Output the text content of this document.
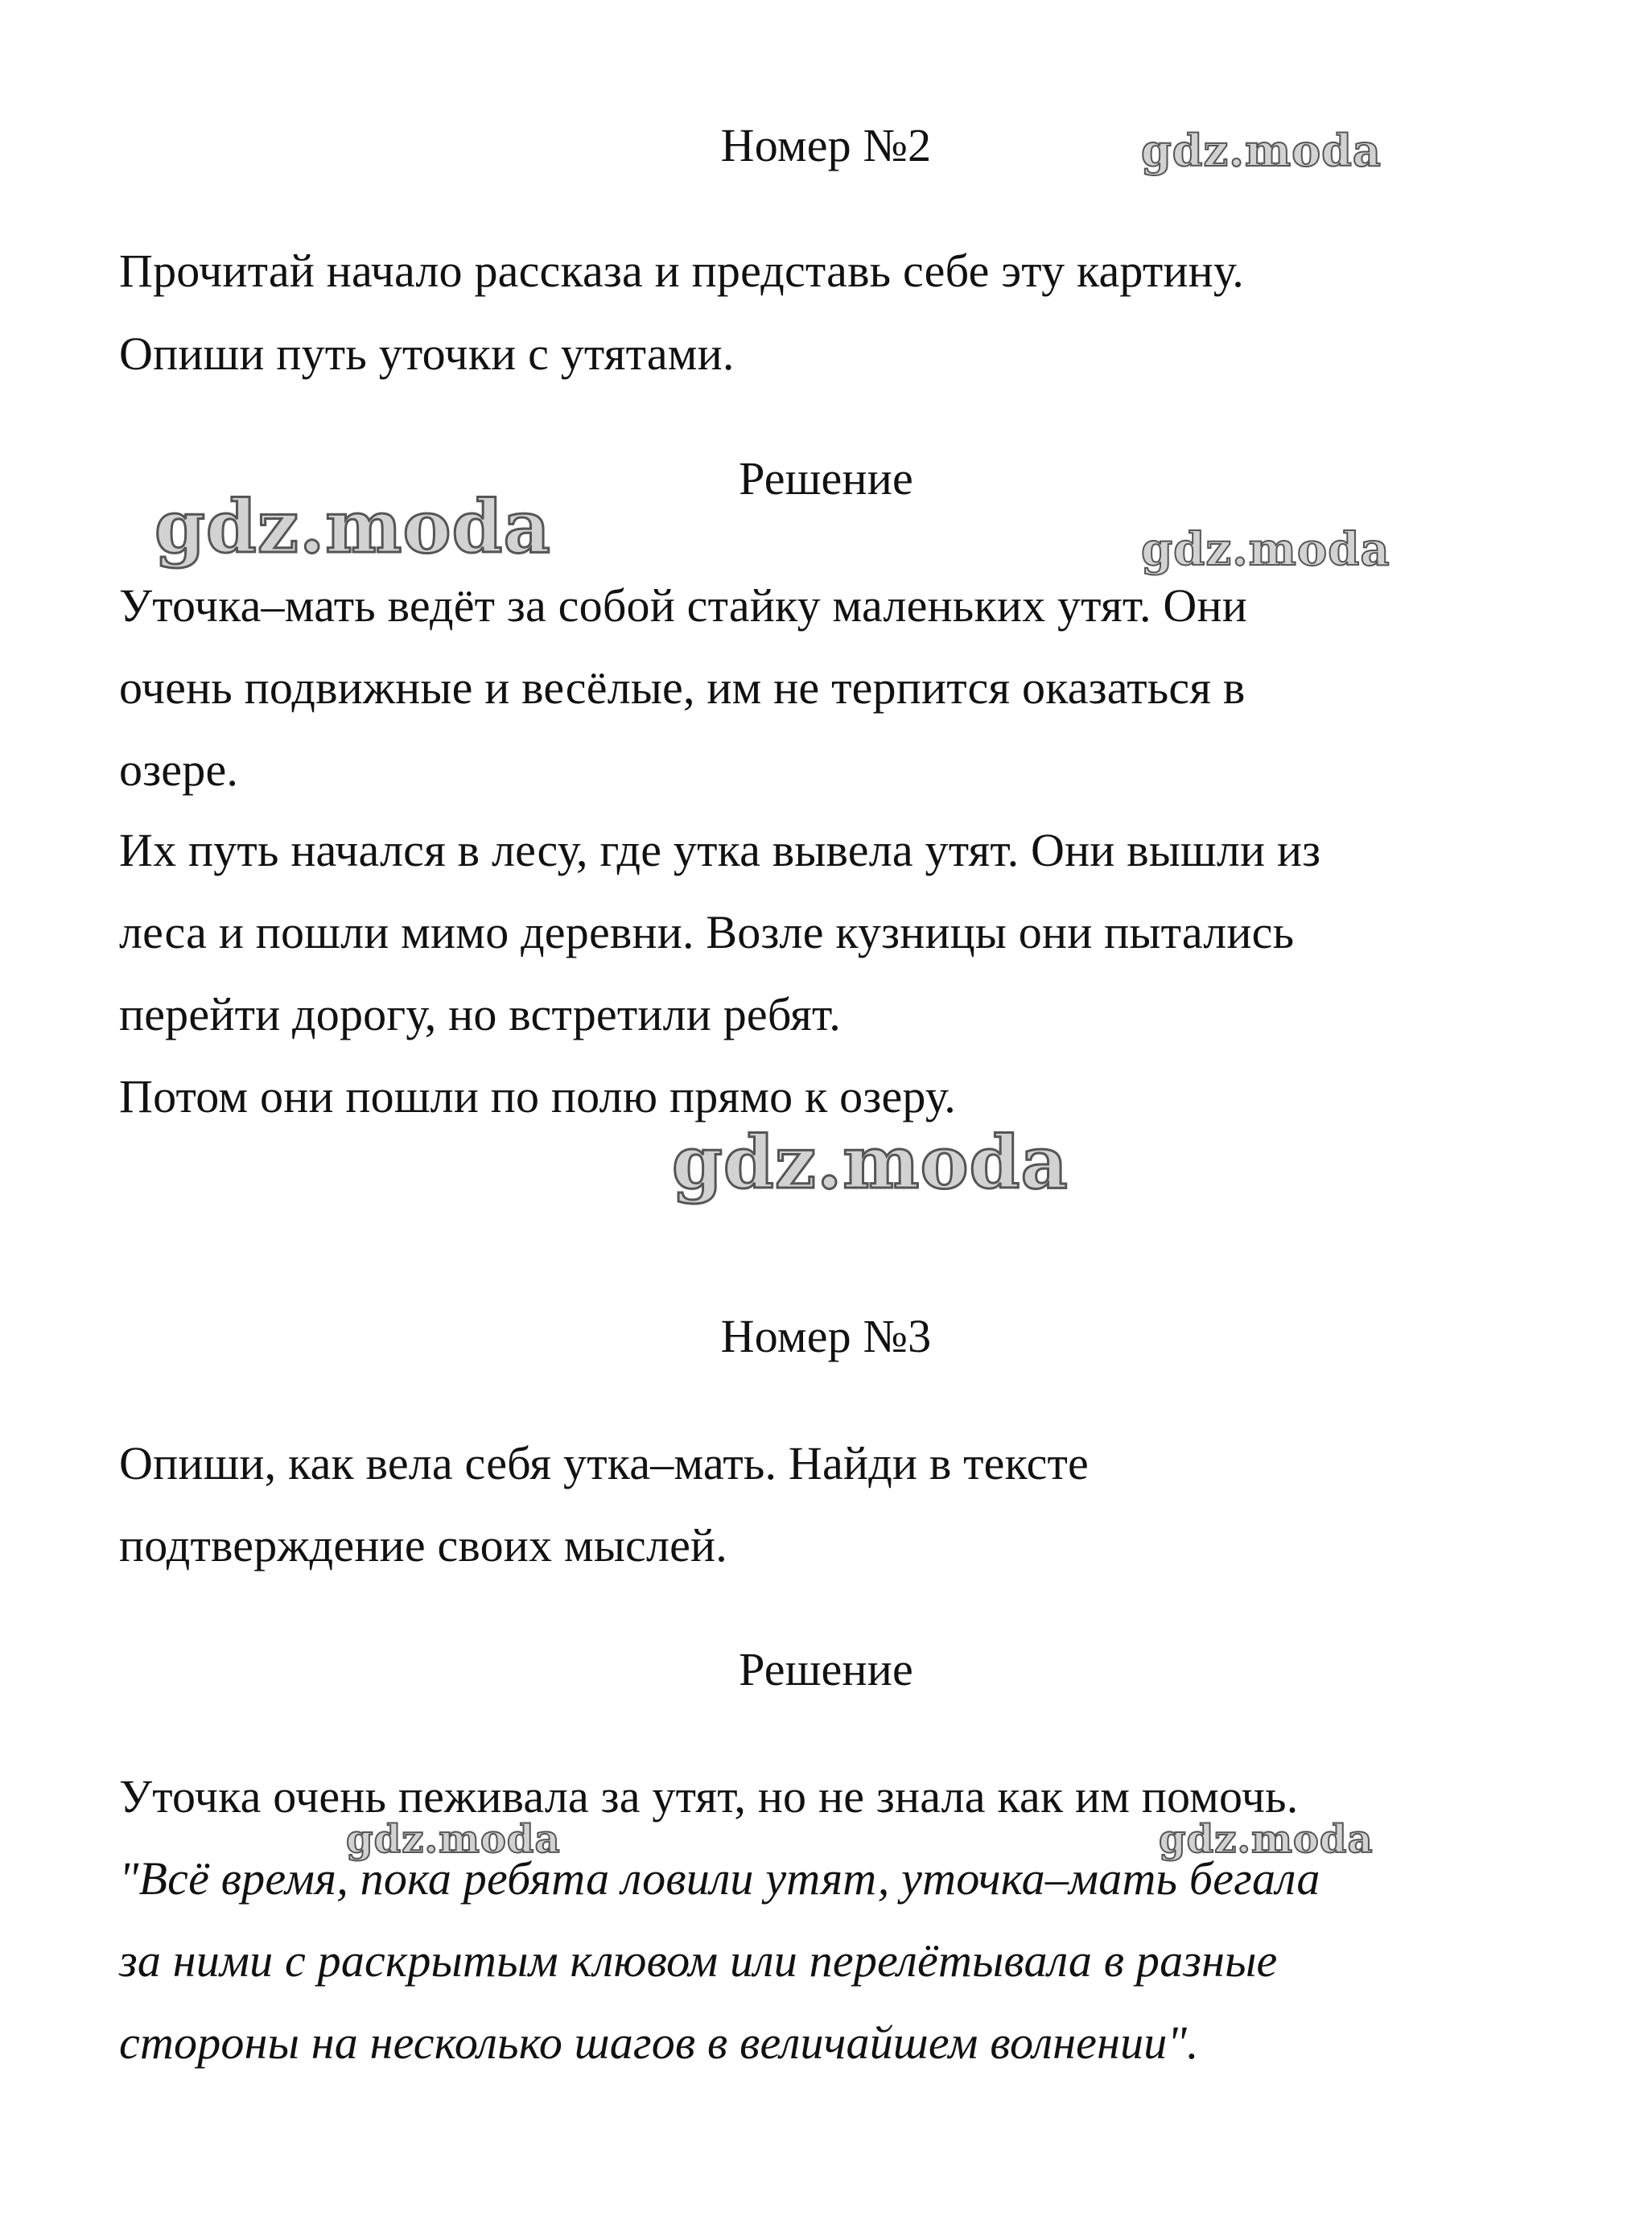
Номер №2
Прочитай начало рассказа и представь себе эту картину.
Опиши путь уточки с утятами.
Решение
Уточка–мать ведёт за собой стайку маленьких утят. Они
очень подвижные и весёлые, им не терпится оказаться в
озере.
Их путь начался в лесу, где утка вывела утят. Они вышли из
леса и пошли мимо деревни. Возле кузницы они пытались
перейти дорогу, но встретили ребят.
Потом они пошли по полю прямо к озеру.
Номер №3
Опиши, как вела себя утка–мать. Найди в тексте
подтверждение своих мыслей.
Решение
Уточка очень пеживала за утят, но не знала как им помочь.
"Всё время, пока ребята ловили утят, уточка–мать бегала
за ними с раскрытым клювом или перелётывала в разные
стороны на несколько шагов в величайшем волнении".
gdz.moda
gdz.moda	gdz.moda
gdz.moda
gdz.moda	gdz.moda
